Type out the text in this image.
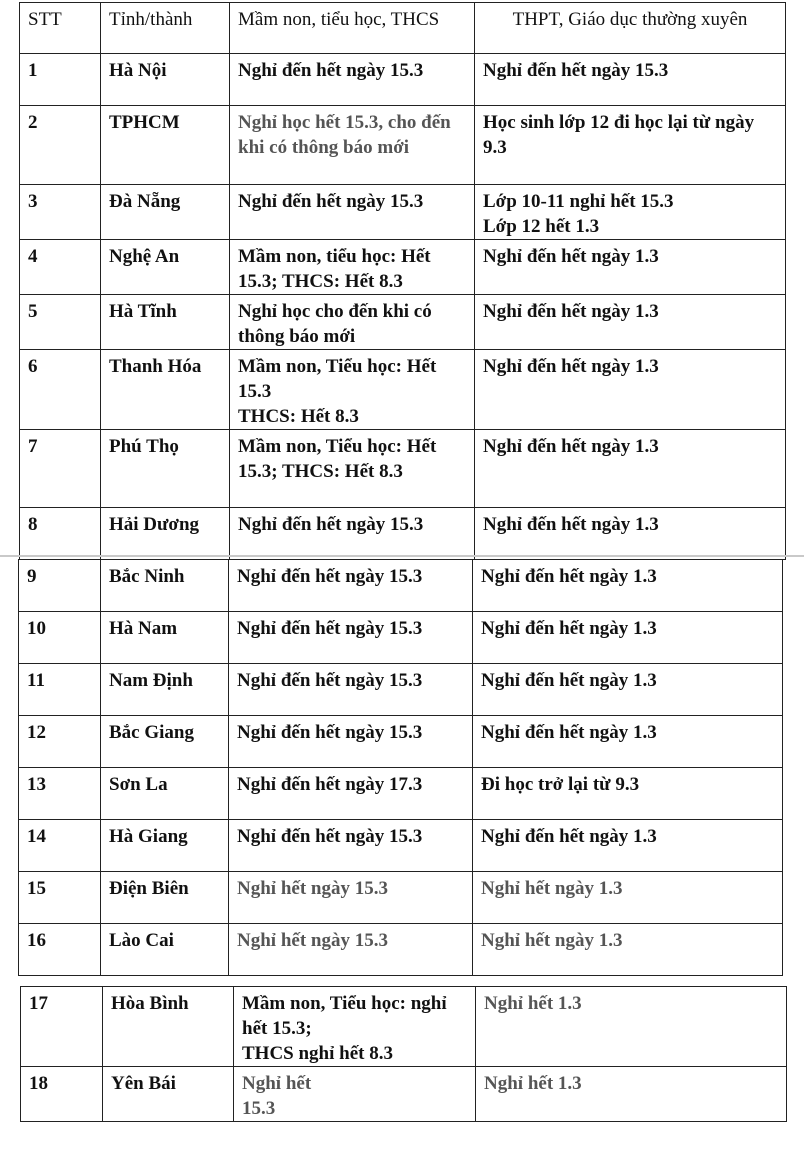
STT	Tỉnh/thành	Mầm non, tiểu học, THCS	THPT, Giáo dục thường xuyên
1	Hà Nội	Nghỉ đến hết ngày 15.3	Nghỉ đến hết ngày 15.3
2	TPHCM	Nghỉ học hết 15.3, cho đến khi có thông báo mới	Học sinh lớp 12 đi học lại từ ngày 9.3
3	Đà Nẵng	Nghỉ đến hết ngày 15.3	Lớp 10-11 nghỉ hết 15.3
Lớp 12 hết 1.3

4	Nghệ An	Mầm non, tiểu học: Hết 15.3; THCS: Hết 8.3	Nghỉ đến hết ngày 1.3
5	Hà Tĩnh	Nghỉ học cho đến khi có thông báo mới	Nghỉ đến hết ngày 1.3
6	Thanh Hóa	Mầm non, Tiểu học: Hết 15.3
THCS: Hết 8.3	Nghỉ đến hết ngày 1.3
7	Phú Thọ	Mầm non, Tiểu học: Hết 15.3; THCS: Hết 8.3	Nghỉ đến hết ngày 1.3
8	Hải Dương	Nghỉ đến hết ngày 15.3	Nghỉ đến hết ngày 1.3
9	Bắc Ninh	Nghỉ đến hết ngày 15.3	Nghỉ đến hết ngày 1.3
10	Hà Nam	Nghỉ đến hết ngày 15.3	Nghỉ đến hết ngày 1.3
11	Nam Định	Nghỉ đến hết ngày 15.3	Nghỉ đến hết ngày 1.3
12	Bắc Giang	Nghỉ đến hết ngày 15.3	Nghỉ đến hết ngày 1.3
13	Sơn La	Nghỉ đến hết ngày 17.3	Đi học trở lại từ 9.3
14	Hà Giang	Nghỉ đến hết ngày 15.3	Nghỉ đến hết ngày 1.3
15	Điện Biên	Nghỉ hết ngày 15.3	Nghỉ hết ngày 1.3
16	Lào Cai	Nghỉ hết ngày 15.3	Nghỉ hết ngày 1.3
17	Hòa Bình	Mầm non, Tiểu học: nghỉ hết 15.3;
THCS nghỉ hết 8.3	Nghỉ hết 1.3
18	Yên Bái	Nghỉ hết
15.3	Nghỉ hết 1.3
